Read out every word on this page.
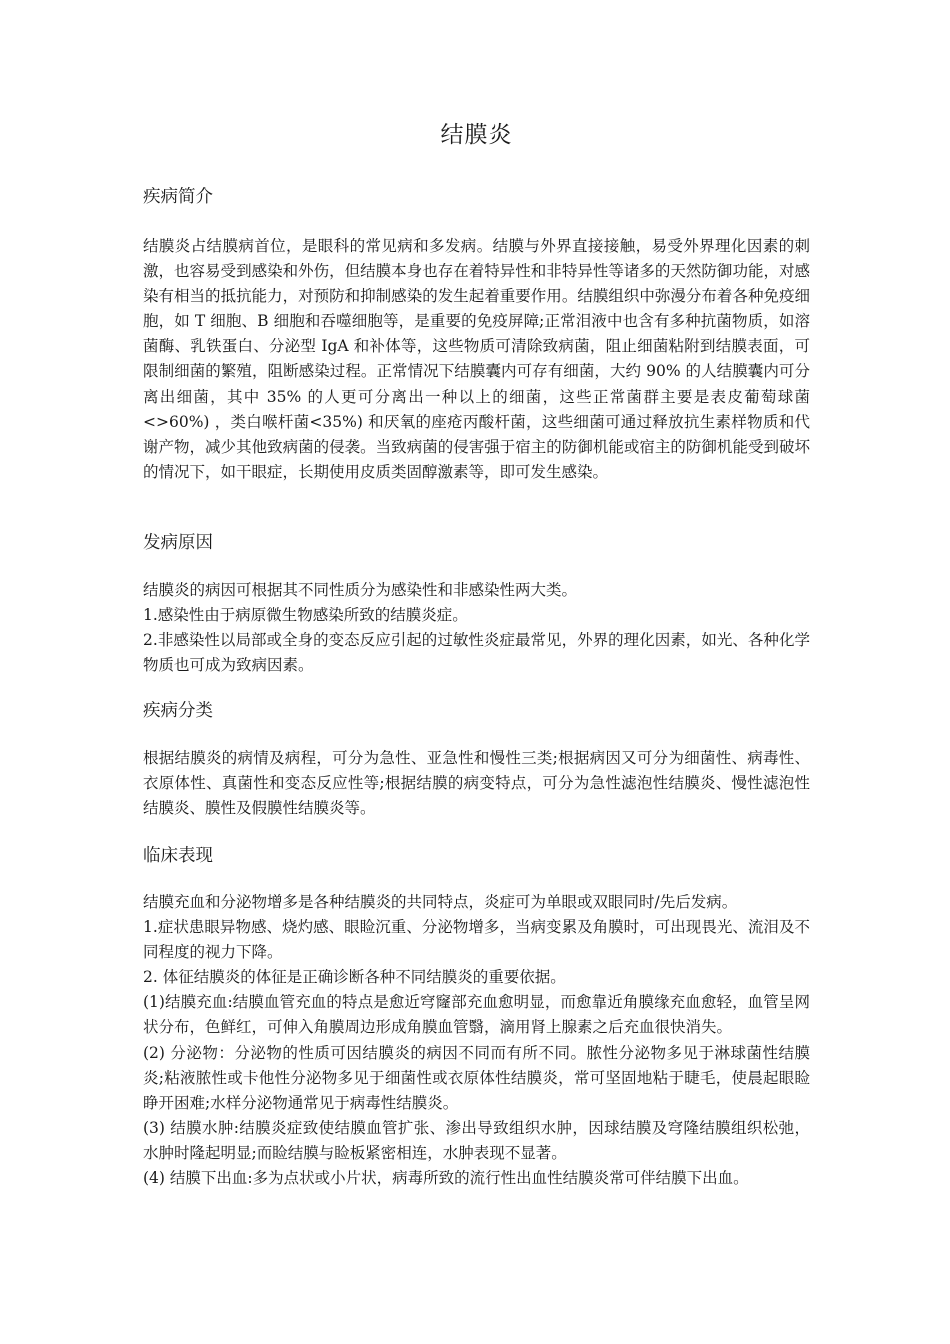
结膜炎
疾病简介

结膜炎占结膜病首位，是眼科的常见病和多发病。结膜与外界直接接触，易受外界理化因素的刺激，也容易受到感染和外伤，但结膜本身也存在着特异性和非特异性等诸多的天然防御功能，对感染有相当的抵抗能力，对预防和抑制感染的发生起着重要作用。结膜组织中弥漫分布着各种免疫细胞，如 T 细胞、B 细胞和吞噬细胞等，是重要的免疫屏障;正常泪液中也含有多种抗菌物质，如溶菌酶、乳铁蛋白、分泌型 IgA 和补体等，这些物质可清除致病菌，阻止细菌粘附到结膜表面，可限制细菌的繁殖，阻断感染过程。正常情况下结膜囊内可存有细菌，大约 90% 的人结膜囊内可分离出细菌，其中 35% 的人更可分离出一种以上的细菌，这些正常菌群主要是表皮葡萄球菌<>60%) ，类白喉杆菌<35%) 和厌氧的座疮丙酸杆菌，这些细菌可通过释放抗生素样物质和代谢产物，减少其他致病菌的侵袭。当致病菌的侵害强于宿主的防御机能或宿主的防御机能受到破坏的情况下，如干眼症，长期使用皮质类固醇激素等，即可发生感染。

发病原因

结膜炎的病因可根据其不同性质分为感染性和非感染性两大类。

1.感染性由于病原微生物感染所致的结膜炎症。

2.非感染性以局部或全身的变态反应引起的过敏性炎症最常见，外界的理化因素，如光、各种化学物质也可成为致病因素。

疾病分类

根据结膜炎的病情及病程，可分为急性、亚急性和慢性三类;根据病因又可分为细菌性、病毒性、衣原体性、真菌性和变态反应性等;根据结膜的病变特点，可分为急性滤泡性结膜炎、慢性滤泡性结膜炎、膜性及假膜性结膜炎等。

临床表现

结膜充血和分泌物增多是各种结膜炎的共同特点，炎症可为单眼或双眼同时/先后发病。

1.症状患眼异物感、烧灼感、眼睑沉重、分泌物增多，当病变累及角膜时，可出现畏光、流泪及不同程度的视力下降。

2. 体征结膜炎的体征是正确诊断各种不同结膜炎的重要依据。

(1)结膜充血:结膜血管充血的特点是愈近穹窿部充血愈明显，而愈靠近角膜缘充血愈轻，血管呈网状分布，色鲜红，可伸入角膜周边形成角膜血管翳，滴用肾上腺素之后充血很快消失。

(2) 分泌物：分泌物的性质可因结膜炎的病因不同而有所不同。脓性分泌物多见于淋球菌性结膜炎;粘液脓性或卡他性分泌物多见于细菌性或衣原体性结膜炎，常可坚固地粘于睫毛，使晨起眼睑睁开困难;水样分泌物通常见于病毒性结膜炎。

(3) 结膜水肿:结膜炎症致使结膜血管扩张、渗出导致组织水肿，因球结膜及穹隆结膜组织松弛，水肿时隆起明显;而睑结膜与睑板紧密相连，水肿表现不显著。

(4) 结膜下出血:多为点状或小片状，病毒所致的流行性出血性结膜炎常可伴结膜下出血。
